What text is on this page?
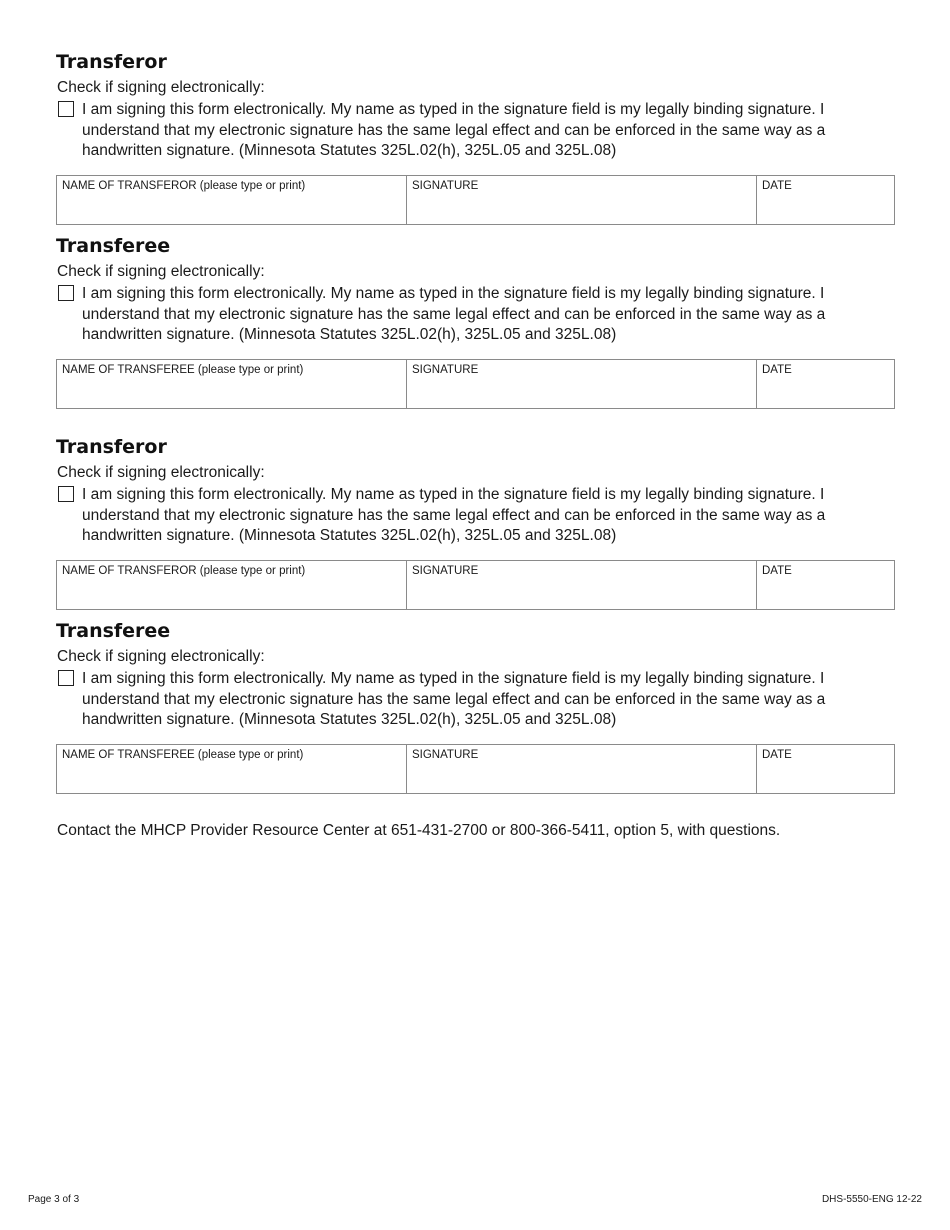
Transferor
Check if signing electronically:
I am signing this form electronically. My name as typed in the signature field is my legally binding signature. I understand that my electronic signature has the same legal effect and can be enforced in the same way as a handwritten signature. (Minnesota Statutes 325L.02(h), 325L.05 and 325L.08)
NAME OF TRANSFEROR (please type or print)	SIGNATURE	DATE
Transferee
Check if signing electronically:
I am signing this form electronically. My name as typed in the signature field is my legally binding signature. I understand that my electronic signature has the same legal effect and can be enforced in the same way as a handwritten signature. (Minnesota Statutes 325L.02(h), 325L.05 and 325L.08)
NAME OF TRANSFEREE (please type or print)	SIGNATURE	DATE
Transferor
Check if signing electronically:
I am signing this form electronically. My name as typed in the signature field is my legally binding signature. I understand that my electronic signature has the same legal effect and can be enforced in the same way as a handwritten signature. (Minnesota Statutes 325L.02(h), 325L.05 and 325L.08)
NAME OF TRANSFEROR (please type or print)	SIGNATURE	DATE
Transferee
Check if signing electronically:
I am signing this form electronically. My name as typed in the signature field is my legally binding signature. I understand that my electronic signature has the same legal effect and can be enforced in the same way as a handwritten signature. (Minnesota Statutes 325L.02(h), 325L.05 and 325L.08)
NAME OF TRANSFEREE (please type or print)	SIGNATURE	DATE
Contact the MHCP Provider Resource Center at 651-431-2700 or 800-366-5411, option 5, with questions.
Page 3 of 3	DHS-5550-ENG 12-22
